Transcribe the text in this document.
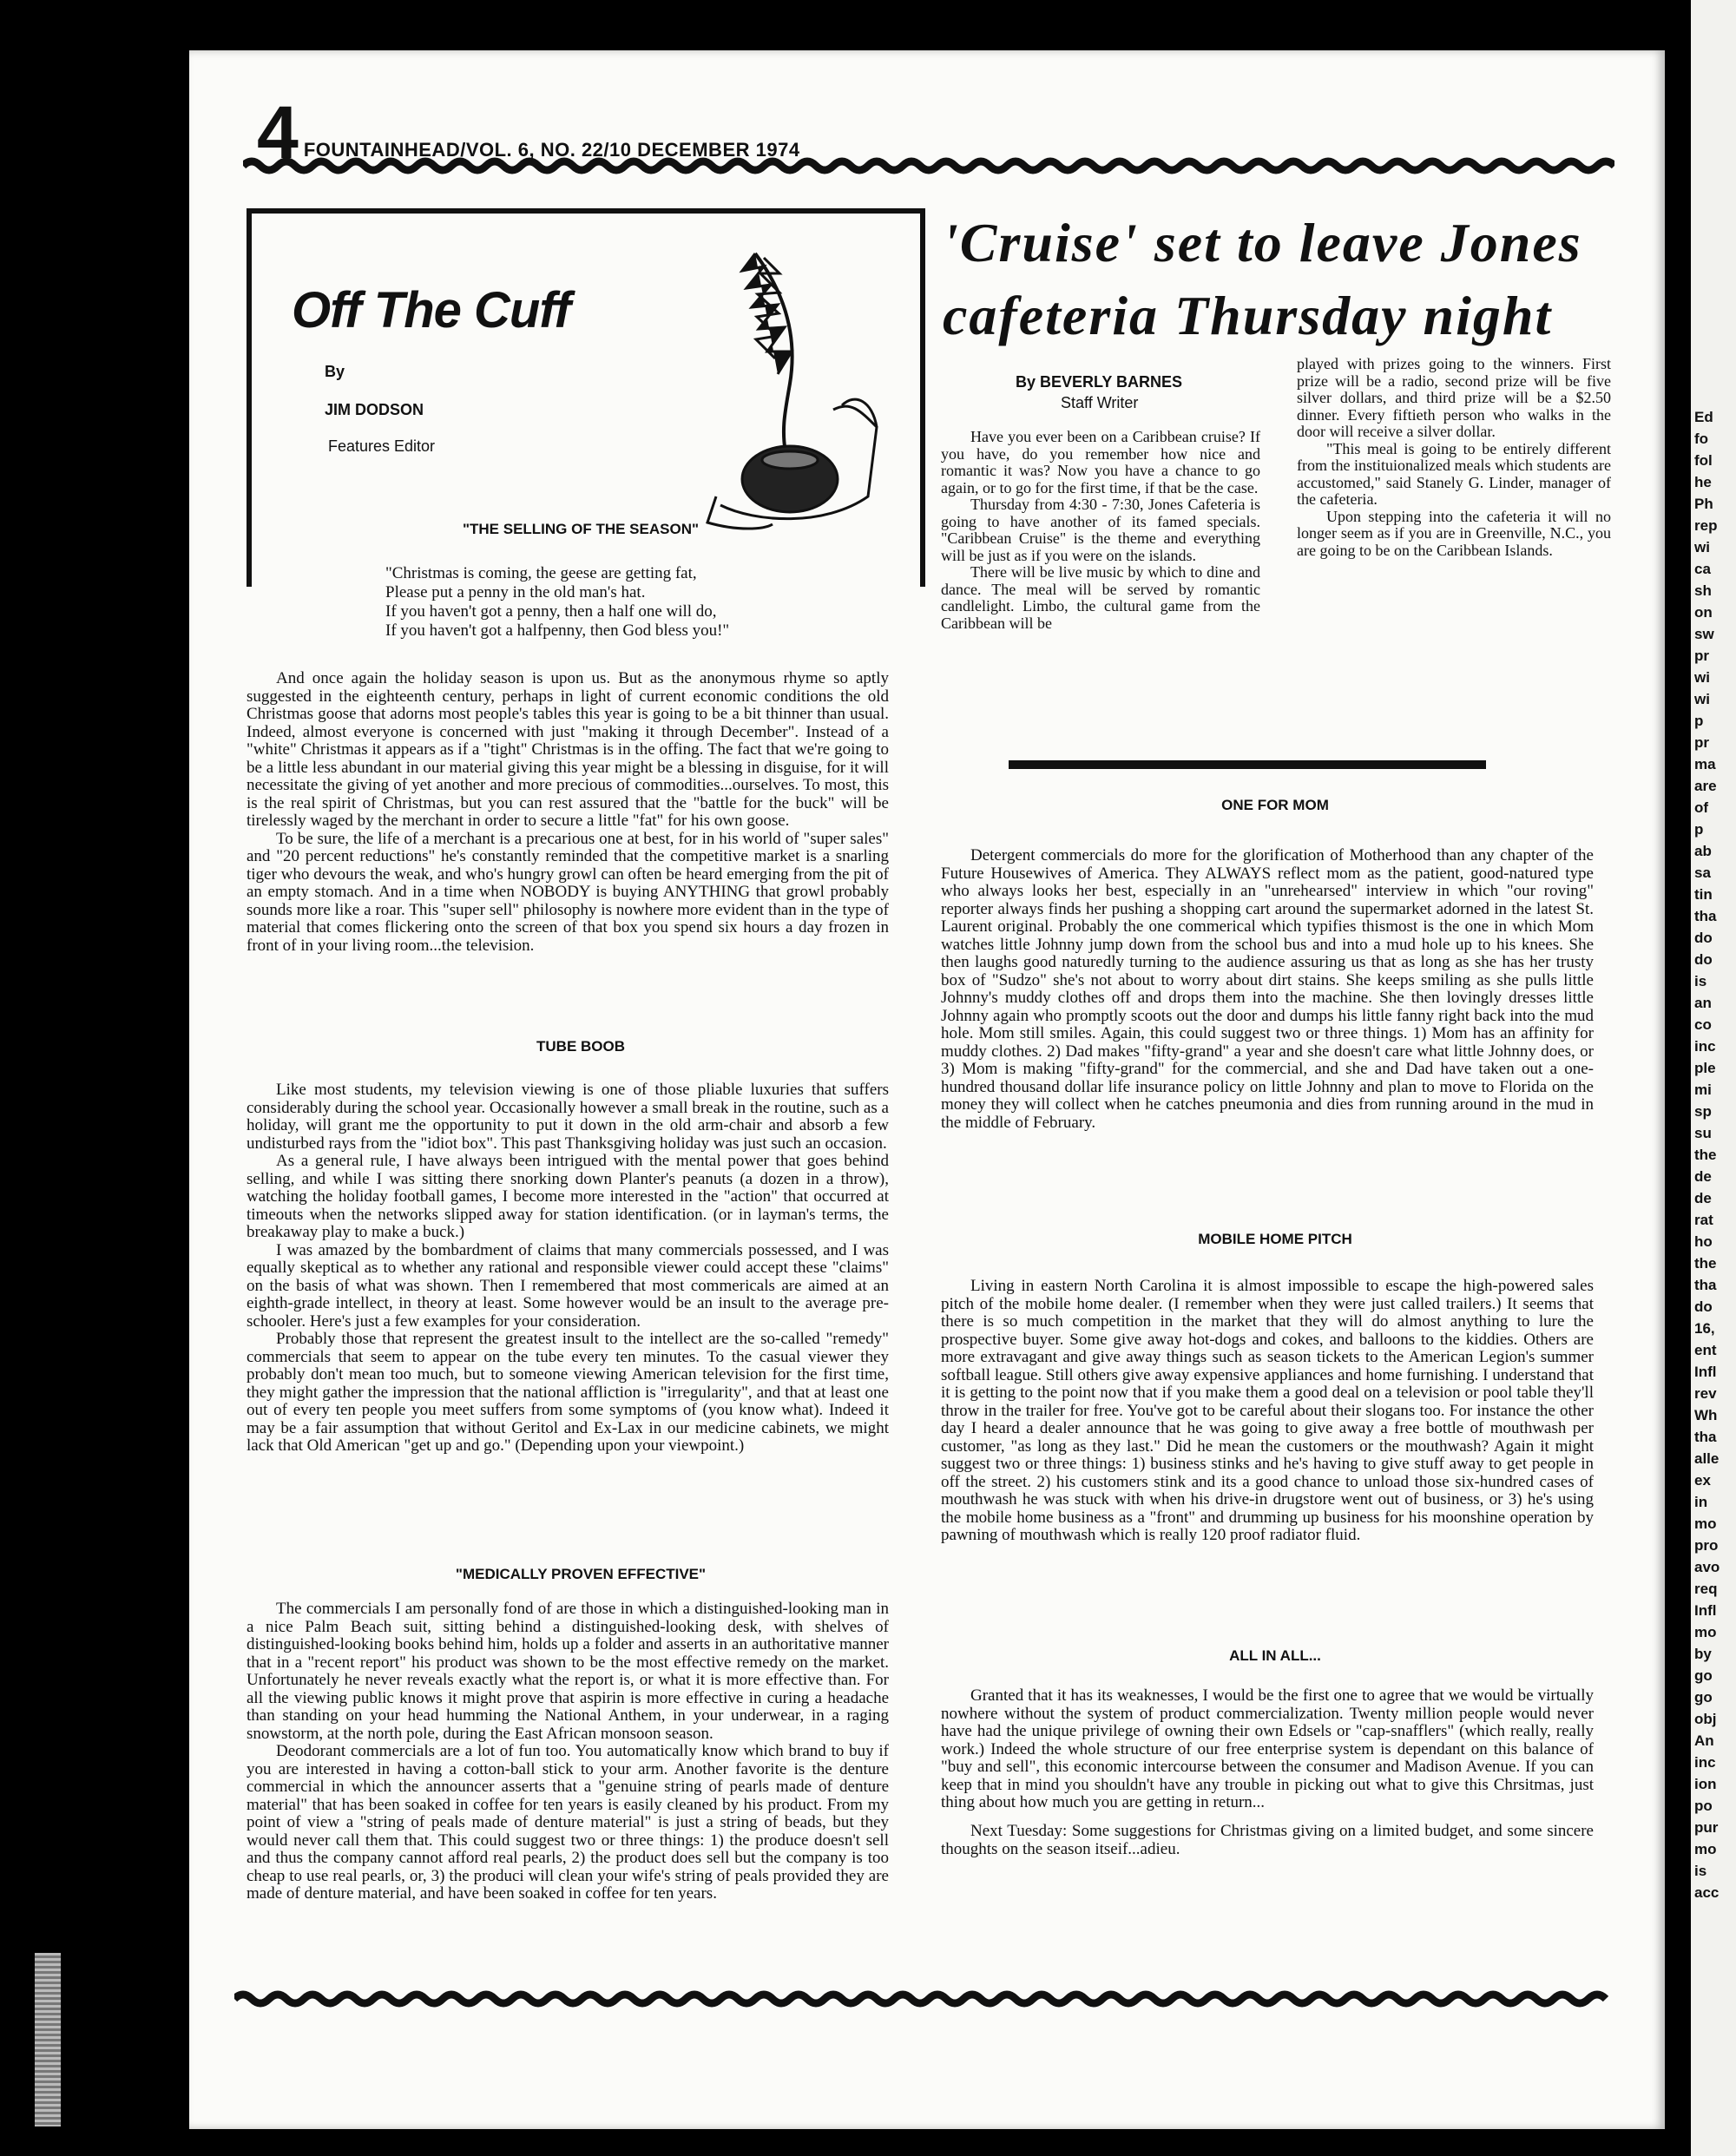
Ed
fo
fol
he
Ph
rep
wi
ca
sh
on
sw
pr
wi
wi
p
pr
ma
are
of
p
ab
sa
tin
tha
do
do
is
an
co
inc
ple
mi
sp
su
the
de
de
rat
ho
the
tha
do
16,
ent
Infl
rev
Wh
tha
alle
ex
in
mo
pro
avo
req
Infl
mo
by
go
go
obj
An
inc
ion
po
pur
mo
is
acc
4 FOUNTAINHEAD/VOL. 6, NO. 22/10 DECEMBER 1974
Off The Cuff
By
JIM DODSON
Features Editor
"THE SELLING OF THE SEASON"
"Christmas is coming, the geese are getting fat,
Please put a penny in the old man's hat.
If you haven't got a penny, then a half one will do,
If you haven't got a halfpenny, then God bless you!"

And once again the holiday season is upon us. But as the anonymous rhyme so aptly suggested in the eighteenth century, perhaps in light of current economic conditions the old Christmas goose that adorns most people's tables this year is going to be a bit thinner than usual. Indeed, almost everyone is concerned with just "making it through December". Instead of a "white" Christmas it appears as if a "tight" Christmas is in the offing. The fact that we're going to be a little less abundant in our material giving this year might be a blessing in disguise, for it will necessitate the giving of yet another and more precious of commodities...ourselves. To most, this is the real spirit of Christmas, but you can rest assured that the "battle for the buck" will be tirelessly waged by the merchant in order to secure a little "fat" for his own goose.

To be sure, the life of a merchant is a precarious one at best, for in his world of "super sales" and "20 percent reductions" he's constantly reminded that the competitive market is a snarling tiger who devours the weak, and who's hungry growl can often be heard emerging from the pit of an empty stomach. And in a time when NOBODY is buying ANYTHING that growl probably sounds more like a roar. This "super sell" philosophy is nowhere more evident than in the type of material that comes flickering onto the screen of that box you spend six hours a day frozen in front of in your living room...the television.

TUBE BOOB

Like most students, my television viewing is one of those pliable luxuries that suffers considerably during the school year. Occasionally however a small break in the routine, such as a holiday, will grant me the opportunity to put it down in the old arm-chair and absorb a few undisturbed rays from the "idiot box". This past Thanksgiving holiday was just such an occasion.

As a general rule, I have always been intrigued with the mental power that goes behind selling, and while I was sitting there snorking down Planter's peanuts (a dozen in a throw), watching the holiday football games, I become more interested in the "action" that occurred at timeouts when the networks slipped away for station identification. (or in layman's terms, the breakaway play to make a buck.)

I was amazed by the bombardment of claims that many commercials possessed, and I was equally skeptical as to whether any rational and responsible viewer could accept these "claims" on the basis of what was shown. Then I remembered that most commericals are aimed at an eighth-grade intellect, in theory at least. Some however would be an insult to the average pre-schooler. Here's just a few examples for your consideration.

Probably those that represent the greatest insult to the intellect are the so-called "remedy" commercials that seem to appear on the tube every ten minutes. To the casual viewer they probably don't mean too much, but to someone viewing American television for the first time, they might gather the impression that the national affliction is "irregularity", and that at least one out of every ten people you meet suffers from some symptoms of (you know what). Indeed it may be a fair assumption that without Geritol and Ex-Lax in our medicine cabinets, we might lack that Old American "get up and go." (Depending upon your viewpoint.)

"MEDICALLY PROVEN EFFECTIVE"

The commercials I am personally fond of are those in which a distinguished-looking man in a nice Palm Beach suit, sitting behind a distinguished-looking desk, with shelves of distinguished-looking books behind him, holds up a folder and asserts in an authoritative manner that in a "recent report" his product was shown to be the most effective remedy on the market. Unfortunately he never reveals exactly what the report is, or what it is more effective than. For all the viewing public knows it might prove that aspirin is more effective in curing a headache than standing on your head humming the National Anthem, in your underwear, in a raging snowstorm, at the north pole, during the East African monsoon season.

Deodorant commercials are a lot of fun too. You automatically know which brand to buy if you are interested in having a cotton-ball stick to your arm. Another favorite is the denture commercial in which the announcer asserts that a "genuine string of pearls made of denture material" that has been soaked in coffee for ten years is easily cleaned by his product. From my point of view a "string of peals made of denture material" is just a string of beads, but they would never call them that. This could suggest two or three things: 1) the produce doesn't sell and thus the company cannot afford real pearls, 2) the product does sell but the company is too cheap to use real pearls, or, 3) the produci will clean your wife's string of peals provided they are made of denture material, and have been soaked in coffee for ten years.

'Cruise' set to leave Jones cafeteria Thursday night
By BEVERLY BARNES
Staff Writer

Have you ever been on a Caribbean cruise? If you have, do you remember how nice and romantic it was? Now you have a chance to go again, or to go for the first time, if that be the case.

Thursday from 4:30 - 7:30, Jones Cafeteria is going to have another of its famed specials. "Caribbean Cruise" is the theme and everything will be just as if you were on the islands.

There will be live music by which to dine and dance. The meal will be served by romantic candlelight. Limbo, the cultural game from the Caribbean will be

played with prizes going to the winners. First prize will be a radio, second prize will be five silver dollars, and third prize will be a $2.50 dinner. Every fiftieth person who walks in the door will receive a silver dollar.

"This meal is going to be entirely different from the instituionalized meals which students are accustomed," said Stanely G. Linder, manager of the cafeteria.

Upon stepping into the cafeteria it will no longer seem as if you are in Greenville, N.C., you are going to be on the Caribbean Islands.

ONE FOR MOM

Detergent commercials do more for the glorification of Motherhood than any chapter of the Future Housewives of America. They ALWAYS reflect mom as the patient, good-natured type who always looks her best, especially in an "unrehearsed" interview in which "our roving" reporter always finds her pushing a shopping cart around the supermarket adorned in the latest St. Laurent original. Probably the one commerical which typifies thismost is the one in which Mom watches little Johnny jump down from the school bus and into a mud hole up to his knees. She then laughs good naturedly turning to the audience assuring us that as long as she has her trusty box of "Sudzo" she's not about to worry about dirt stains. She keeps smiling as she pulls little Johnny's muddy clothes off and drops them into the machine. She then lovingly dresses little Johnny again who promptly scoots out the door and dumps his little fanny right back into the mud hole. Mom still smiles. Again, this could suggest two or three things. 1) Mom has an affinity for muddy clothes. 2) Dad makes "fifty-grand" a year and she doesn't care what little Johnny does, or 3) Mom is making "fifty-grand" for the commercial, and she and Dad have taken out a one-hundred thousand dollar life insurance policy on little Johnny and plan to move to Florida on the money they will collect when he catches pneumonia and dies from running around in the mud in the middle of February.

MOBILE HOME PITCH

Living in eastern North Carolina it is almost impossible to escape the high-powered sales pitch of the mobile home dealer. (I remember when they were just called trailers.) It seems that there is so much competition in the market that they will do almost anything to lure the prospective buyer. Some give away hot-dogs and cokes, and balloons to the kiddies. Others are more extravagant and give away things such as season tickets to the American Legion's summer softball league. Still others give away expensive appliances and home furnishing. I understand that it is getting to the point now that if you make them a good deal on a television or pool table they'll throw in the trailer for free. You've got to be careful about their slogans too. For instance the other day I heard a dealer announce that he was going to give away a free bottle of mouthwash per customer, "as long as they last." Did he mean the customers or the mouthwash? Again it might suggest two or three things: 1) business stinks and he's having to give stuff away to get people in off the street. 2) his customers stink and its a good chance to unload those six-hundred cases of mouthwash he was stuck with when his drive-in drugstore went out of business, or 3) he's using the mobile home business as a "front" and drumming up business for his moonshine operation by pawning of mouthwash which is really 120 proof radiator fluid.

ALL IN ALL...

Granted that it has its weaknesses, I would be the first one to agree that we would be virtually nowhere without the system of product commercialization. Twenty million people would never have had the unique privilege of owning their own Edsels or "cap-snafflers" (which really, really work.) Indeed the whole structure of our free enterprise system is dependant on this balance of "buy and sell", this economic intercourse between the consumer and Madison Avenue. If you can keep that in mind you shouldn't have any trouble in picking out what to give this Chrsitmas, just thing about how much you are getting in return...

Next Tuesday: Some suggestions for Christmas giving on a limited budget, and some sincere thoughts on the season itseif...adieu.
